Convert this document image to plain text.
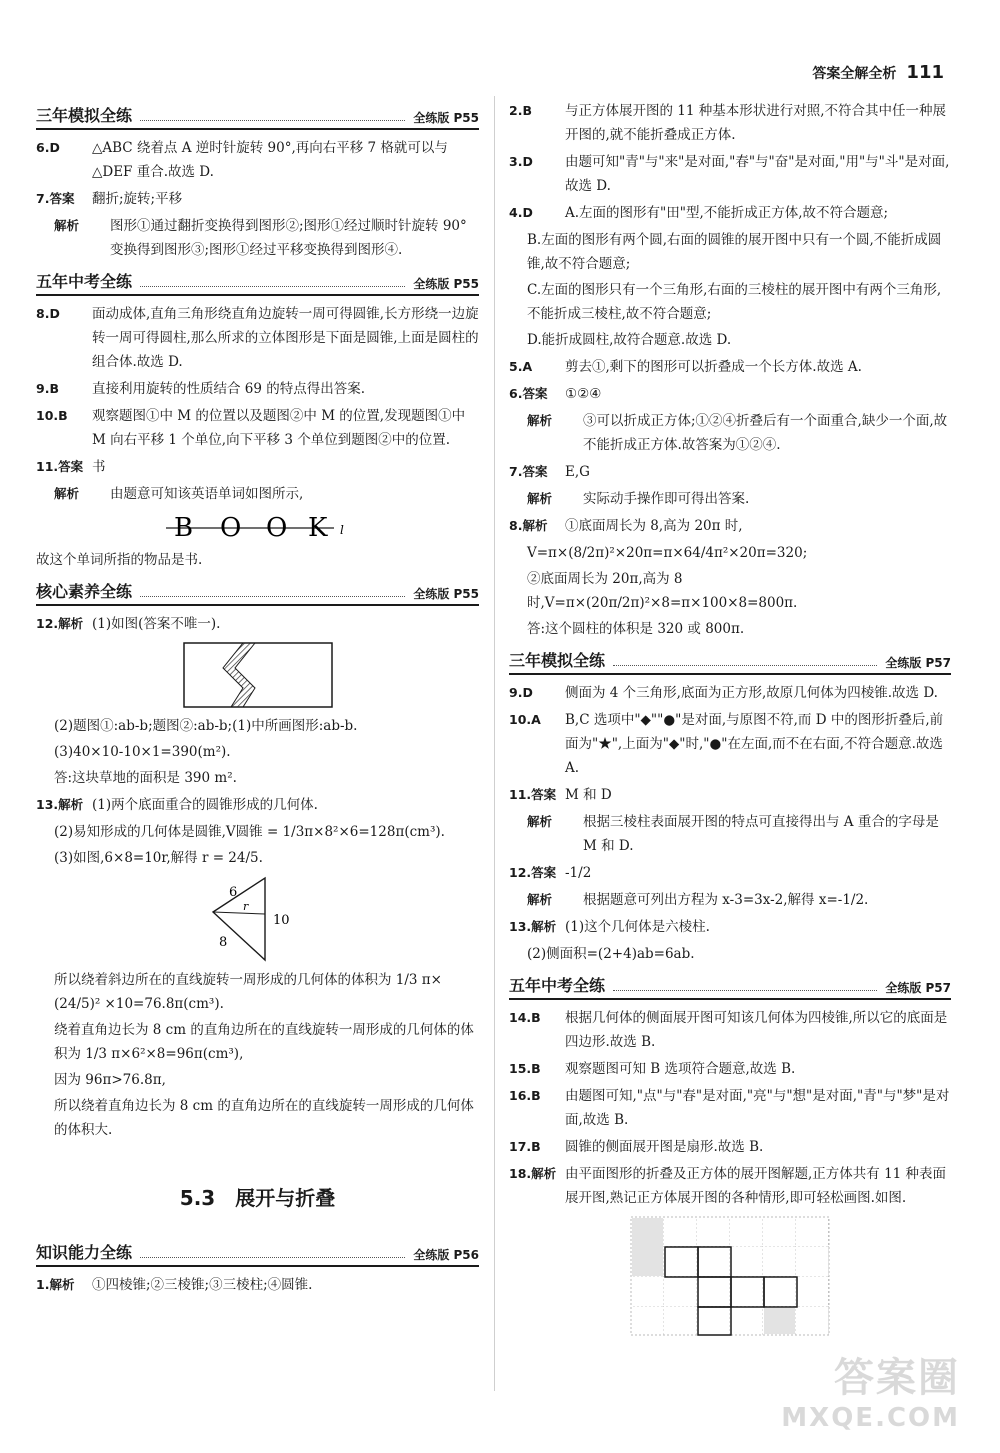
答案全解全析 111
三年模拟全练	全练版 P55
6.D	△ABC 绕着点 A 逆时针旋转 90°,再向右平移 7 格就可以与△DEF 重合.故选 D.
7.答案	翻折;旋转;平移
解析	图形①通过翻折变换得到图形②;图形①经过顺时针旋转 90°变换得到图形③;图形①经过平移变换得到图形④.
五年中考全练	全练版 P55
8.D	面动成体,直角三角形绕直角边旋转一周可得圆锥,长方形绕一边旋转一周可得圆柱,那么所求的立体图形是下面是圆锥,上面是圆柱的组合体.故选 D.
9.B	直接利用旋转的性质结合 69 的特点得出答案.
10.B	观察题图①中 M 的位置以及题图②中 M 的位置,发现题图①中 M 向右平移 1 个单位,向下平移 3 个单位到题图②中的位置.
11.答案 书
解析	由题意可知该英语单词如图所示,
B O O K l
故这个单词所指的物品是书.
核心素养全练	全练版 P55
12.解析 (1)如图(答案不唯一).
(2)题图①:ab-b;题图②:ab-b;(1)中所画图形:ab-b.
(3)40×10-10×1=390(m²).
答:这块草地的面积是 390 m².
13.解析 (1)两个底面重合的圆锥形成的几何体.
(2)易知形成的几何体是圆锥,V圆锥 = 1/3π×8²×6=128π(cm³).
(3)如图,6×8=10r,解得 r = 24/5.
6
8
10
r
所以绕着斜边所在的直线旋转一周形成的几何体的体积为 1/3 π× (24/5)² ×10=76.8π(cm³).
绕着直角边长为 8 cm 的直角边所在的直线旋转一周形成的几何体的体积为 1/3 π×6²×8=96π(cm³),
因为 96π>76.8π,
所以绕着直角边长为 8 cm 的直角边所在的直线旋转一周形成的几何体的体积大.
5.3 展开与折叠
知识能力全练	全练版 P56
1.解析	①四棱锥;②三棱锥;③三棱柱;④圆锥.
2.B	与正方体展开图的 11 种基本形状进行对照,不符合其中任一种展开图的,就不能折叠成正方体.
3.D	由题可知"青"与"来"是对面,"春"与"奋"是对面,"用"与"斗"是对面,故选 D.
4.D	A.左面的图形有"田"型,不能折成正方体,故不符合题意;
B.左面的图形有两个圆,右面的圆锥的展开图中只有一个圆,不能折成圆锥,故不符合题意;
C.左面的图形只有一个三角形,右面的三棱柱的展开图中有两个三角形,不能折成三棱柱,故不符合题意;
D.能折成圆柱,故符合题意.故选 D.
5.A	剪去①,剩下的图形可以折叠成一个长方体.故选 A.
6.答案	①②④
解析	③可以折成正方体;①②④折叠后有一个面重合,缺少一个面,故不能折成正方体.故答案为①②④.
7.答案	E,G
解析	实际动手操作即可得出答案.
8.解析	①底面周长为 8,高为 20π 时,
V=π×(8/2π)²×20π=π×64/4π²×20π=320;
②底面周长为 20π,高为 8 时,V=π×(20π/2π)²×8=π×100×8=800π.
答:这个圆柱的体积是 320 或 800π.
三年模拟全练	全练版 P57
9.D	侧面为 4 个三角形,底面为正方形,故原几何体为四棱锥.故选 D.
10.A	B,C 选项中"◆""●"是对面,与原图不符,而 D 中的图形折叠后,前面为"★",上面为"◆"时,"●"在左面,而不在右面,不符合题意.故选 A.
11.答案 M 和 D
解析	根据三棱柱表面展开图的特点可直接得出与 A 重合的字母是 M 和 D.
12.答案 -1/2
解析	根据题意可列出方程为 x-3=3x-2,解得 x=-1/2.
13.解析 (1)这个几何体是六棱柱.
(2)侧面积=(2+4)ab=6ab.
五年中考全练	全练版 P57
14.B	根据几何体的侧面展开图可知该几何体为四棱锥,所以它的底面是四边形.故选 B.
15.B	观察题图可知 B 选项符合题意,故选 B.
16.B	由题图可知,"点"与"春"是对面,"亮"与"想"是对面,"青"与"梦"是对面,故选 B.
17.B	圆锥的侧面展开图是扇形.故选 B.
18.解析 由平面图形的折叠及正方体的展开图解题,正方体共有 11 种表面展开图,熟记正方体展开图的各种情形,即可轻松画图.如图.
答案圈
MXQE.COM
